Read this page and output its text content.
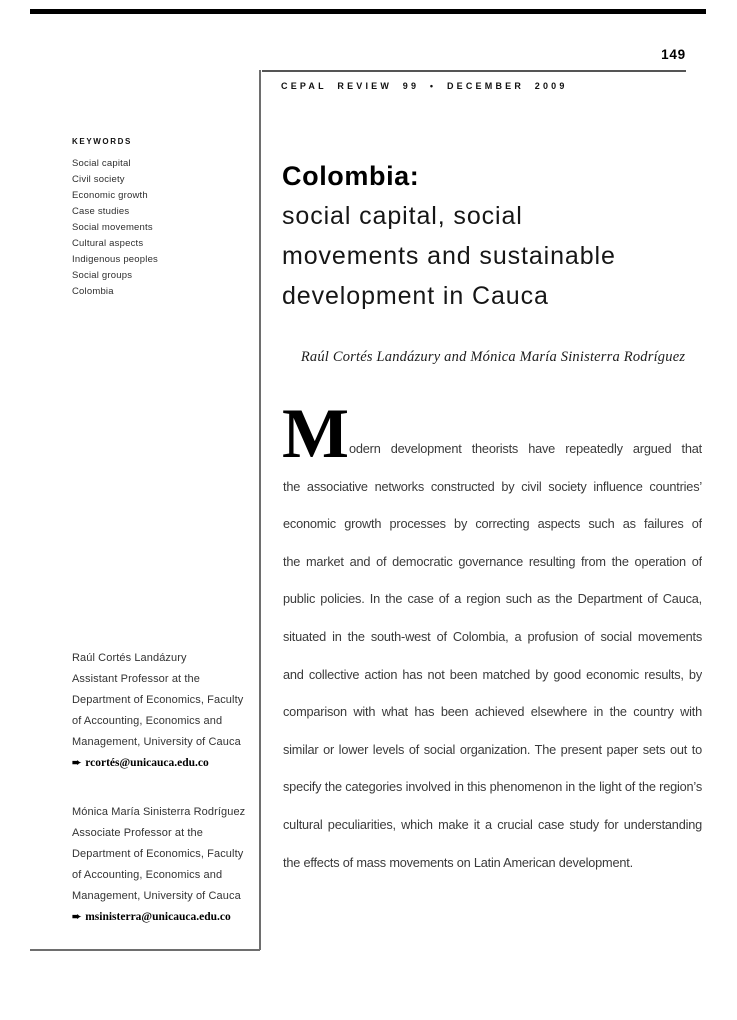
149
CEPAL REVIEW 99 • DECEMBER 2009
KEYWORDS
Social capital
Civil society
Economic growth
Case studies
Social movements
Cultural aspects
Indigenous peoples
Social groups
Colombia
Colombia:
social capital, social
movements and sustainable
development in Cauca
Raúl Cortés Landázury and Mónica María Sinisterra Rodríguez
M odern development theorists have repeatedly argued that
the associative networks constructed by civil society influence countries’
economic growth processes by correcting aspects such as failures of
the market and of democratic governance resulting from the operation of
public policies. In the case of a region such as the Department of Cauca,
situated in the south-west of Colombia, a profusion of social movements
and collective action has not been matched by good economic results, by
comparison with what has been achieved elsewhere in the country with
similar or lower levels of social organization. The present paper sets out to
specify the categories involved in this phenomenon in the light of the region’s
cultural peculiarities, which make it a crucial case study for understanding
the effects of mass movements on Latin American development.
Raúl Cortés Landázury
Assistant Professor at the
Department of Economics, Faculty
of Accounting, Economics and
Management, University of Cauca
➨ rcortés@unicauca.edu.co
Mónica María Sinisterra Rodríguez
Associate Professor at the
Department of Economics, Faculty
of Accounting, Economics and
Management, University of Cauca
➨ msinisterra@unicauca.edu.co
